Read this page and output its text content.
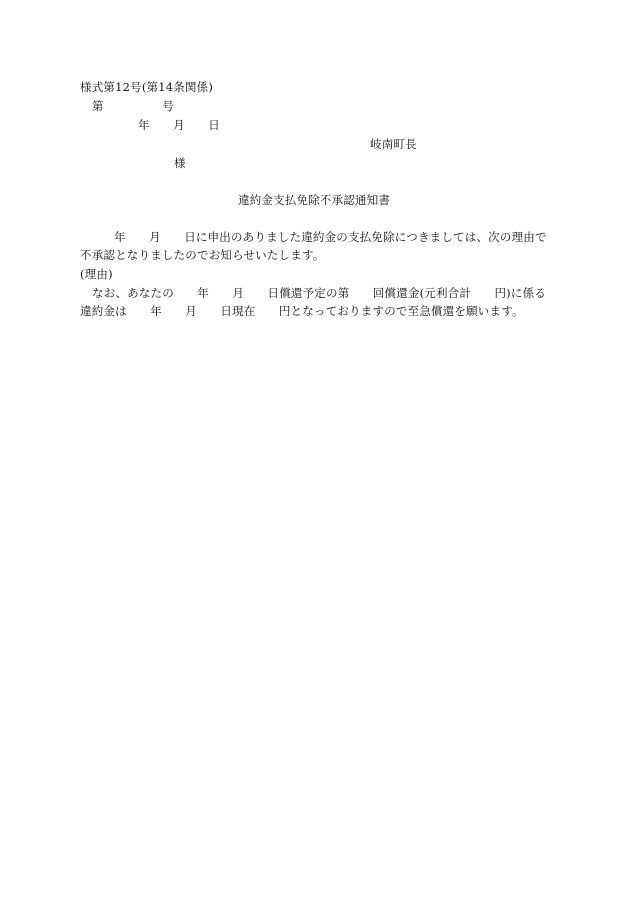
様式第12号(第14条関係)
第　　　　　号
年　　月　　日
岐南町長
様
違約金支払免除不承認通知書
年　　月　　日に申出のありました違約金の支払免除につきましては、次の理由で
不承認となりましたのでお知らせいたします。
(理由)
なお、あなたの　　年　　月　　日償還予定の第　　回償還金(元利合計　　円)に係る
違約金は　　年　　月　　日現在　　円となっておりますので至急償還を願います。
